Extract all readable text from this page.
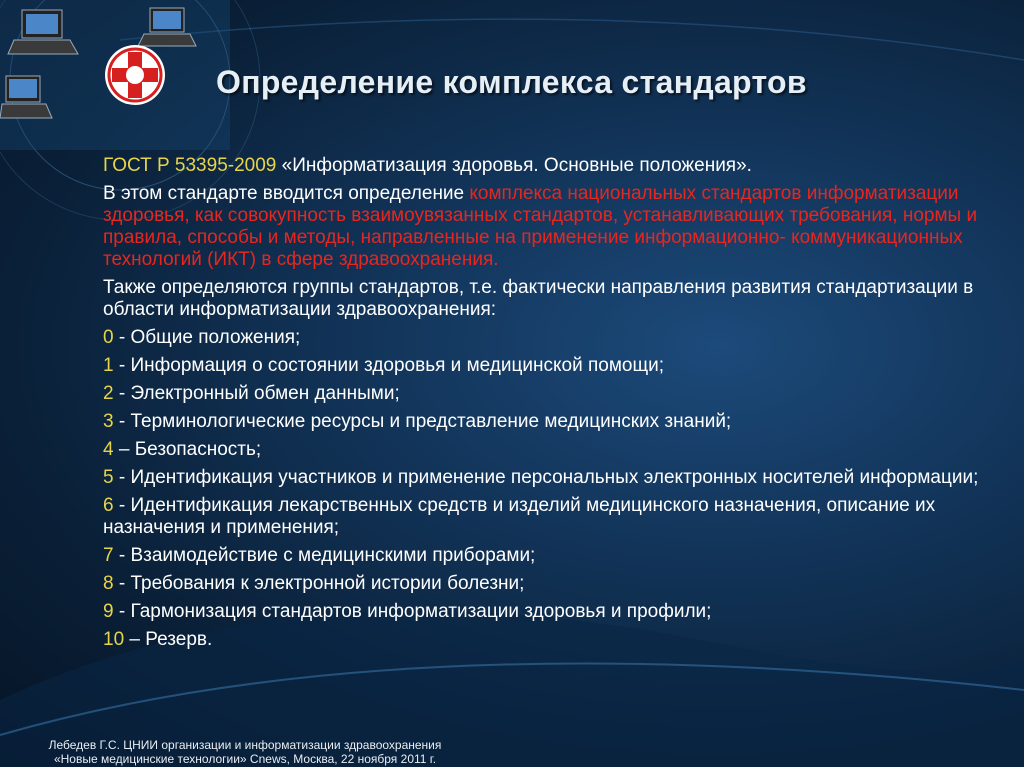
Определение комплекса стандартов

ГОСТ Р 53395-2009 «Информатизация здоровья. Основные положения».

В этом стандарте вводится определение комплекса национальных стандартов информатизации здоровья, как совокупность взаимоувязанных стандартов, устанавливающих требования, нормы и правила, способы и методы, направленные на применение информационно- коммуникационных технологий (ИКТ) в сфере здравоохранения.

Также определяются группы стандартов, т.е. фактически направления развития стандартизации в области информатизации здравоохранения:

0 - Общие положения;
1 - Информация о состоянии здоровья и медицинской помощи;
2 - Электронный обмен данными;
3 - Терминологические ресурсы и представление медицинских знаний;
4 – Безопасность;
5 - Идентификация участников и применение персональных электронных носителей информации;
6 - Идентификация лекарственных средств и изделий медицинского назначения, описание их назначения и применения;
7 - Взаимодействие с медицинскими приборами;
8 - Требования к электронной истории болезни;
9 - Гармонизация стандартов информатизации здоровья и профили;
10 – Резерв.
Лебедев Г.С. ЦНИИ организации и информатизации здравоохранения
«Новые медицинские технологии» Cnews, Москва, 22 ноября 2011 г.
